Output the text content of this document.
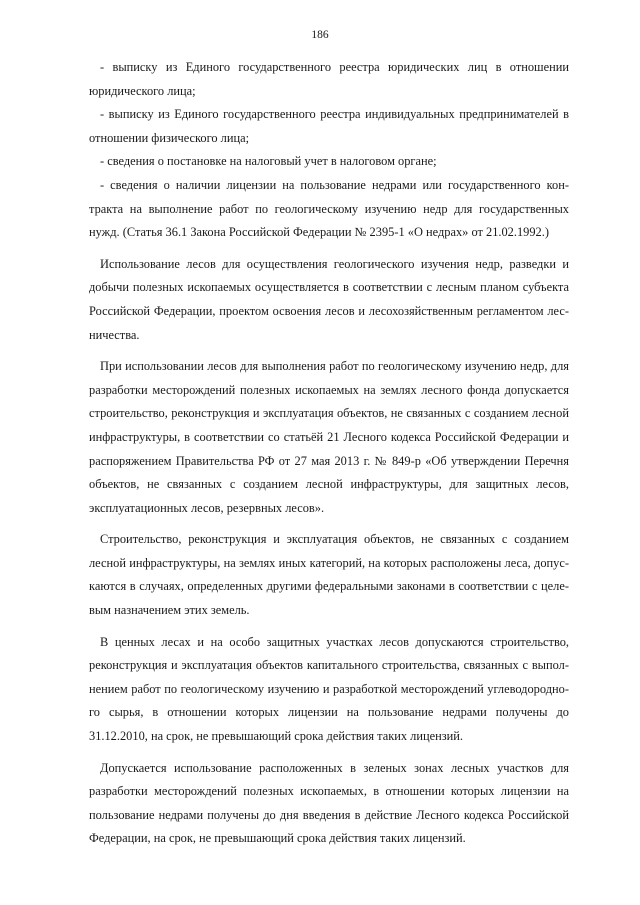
186

- выписку из Единого государственного реестра юридических лиц в отношении юридического лица;

- выписку из Единого государственного реестра индивидуальных предпринимателей в отношении физического лица;

- сведения о постановке на налоговый учет в налоговом органе;

- сведения о наличии лицензии на пользование недрами или государственного контракта на выполнение работ по геологическому изучению недр для государственных нужд. (Статья 36.1 Закона Российской Федерации № 2395-1 «О недрах» от 21.02.1992.)

Использование лесов для осуществления геологического изучения недр, разведки и добычи полезных ископаемых осуществляется в соответствии с лесным планом субъекта Российской Федерации, проектом освоения лесов и лесохозяйственным регламентом лесничества.

При использовании лесов для выполнения работ по геологическому изучению недр, для разработки месторождений полезных ископаемых на землях лесного фонда допускается строительство, реконструкция и эксплуатация объектов, не связанных с созданием лесной инфраструктуры, в соответствии со статьёй 21 Лесного кодекса Российской Федерации и распоряжением Правительства РФ от 27 мая 2013 г. № 849-р «Об утверждении Перечня объектов, не связанных с созданием лесной инфраструктуры, для защитных лесов, эксплуатационных лесов, резервных лесов».

Строительство, реконструкция и эксплуатация объектов, не связанных с созданием лесной инфраструктуры, на землях иных категорий, на которых расположены леса, допускаются в случаях, определенных другими федеральными законами в соответствии с целевым назначением этих земель.

В ценных лесах и на особо защитных участках лесов допускаются строительство, реконструкция и эксплуатация объектов капитального строительства, связанных с выполнением работ по геологическому изучению и разработкой месторождений углеводородного сырья, в отношении которых лицензии на пользование недрами получены до 31.12.2010, на срок, не превышающий срока действия таких лицензий.

Допускается использование расположенных в зеленых зонах лесных участков для разработки месторождений полезных ископаемых, в отношении которых лицензии на пользование недрами получены до дня введения в действие Лесного кодекса Российской Федерации, на срок, не превышающий срока действия таких лицензий.
